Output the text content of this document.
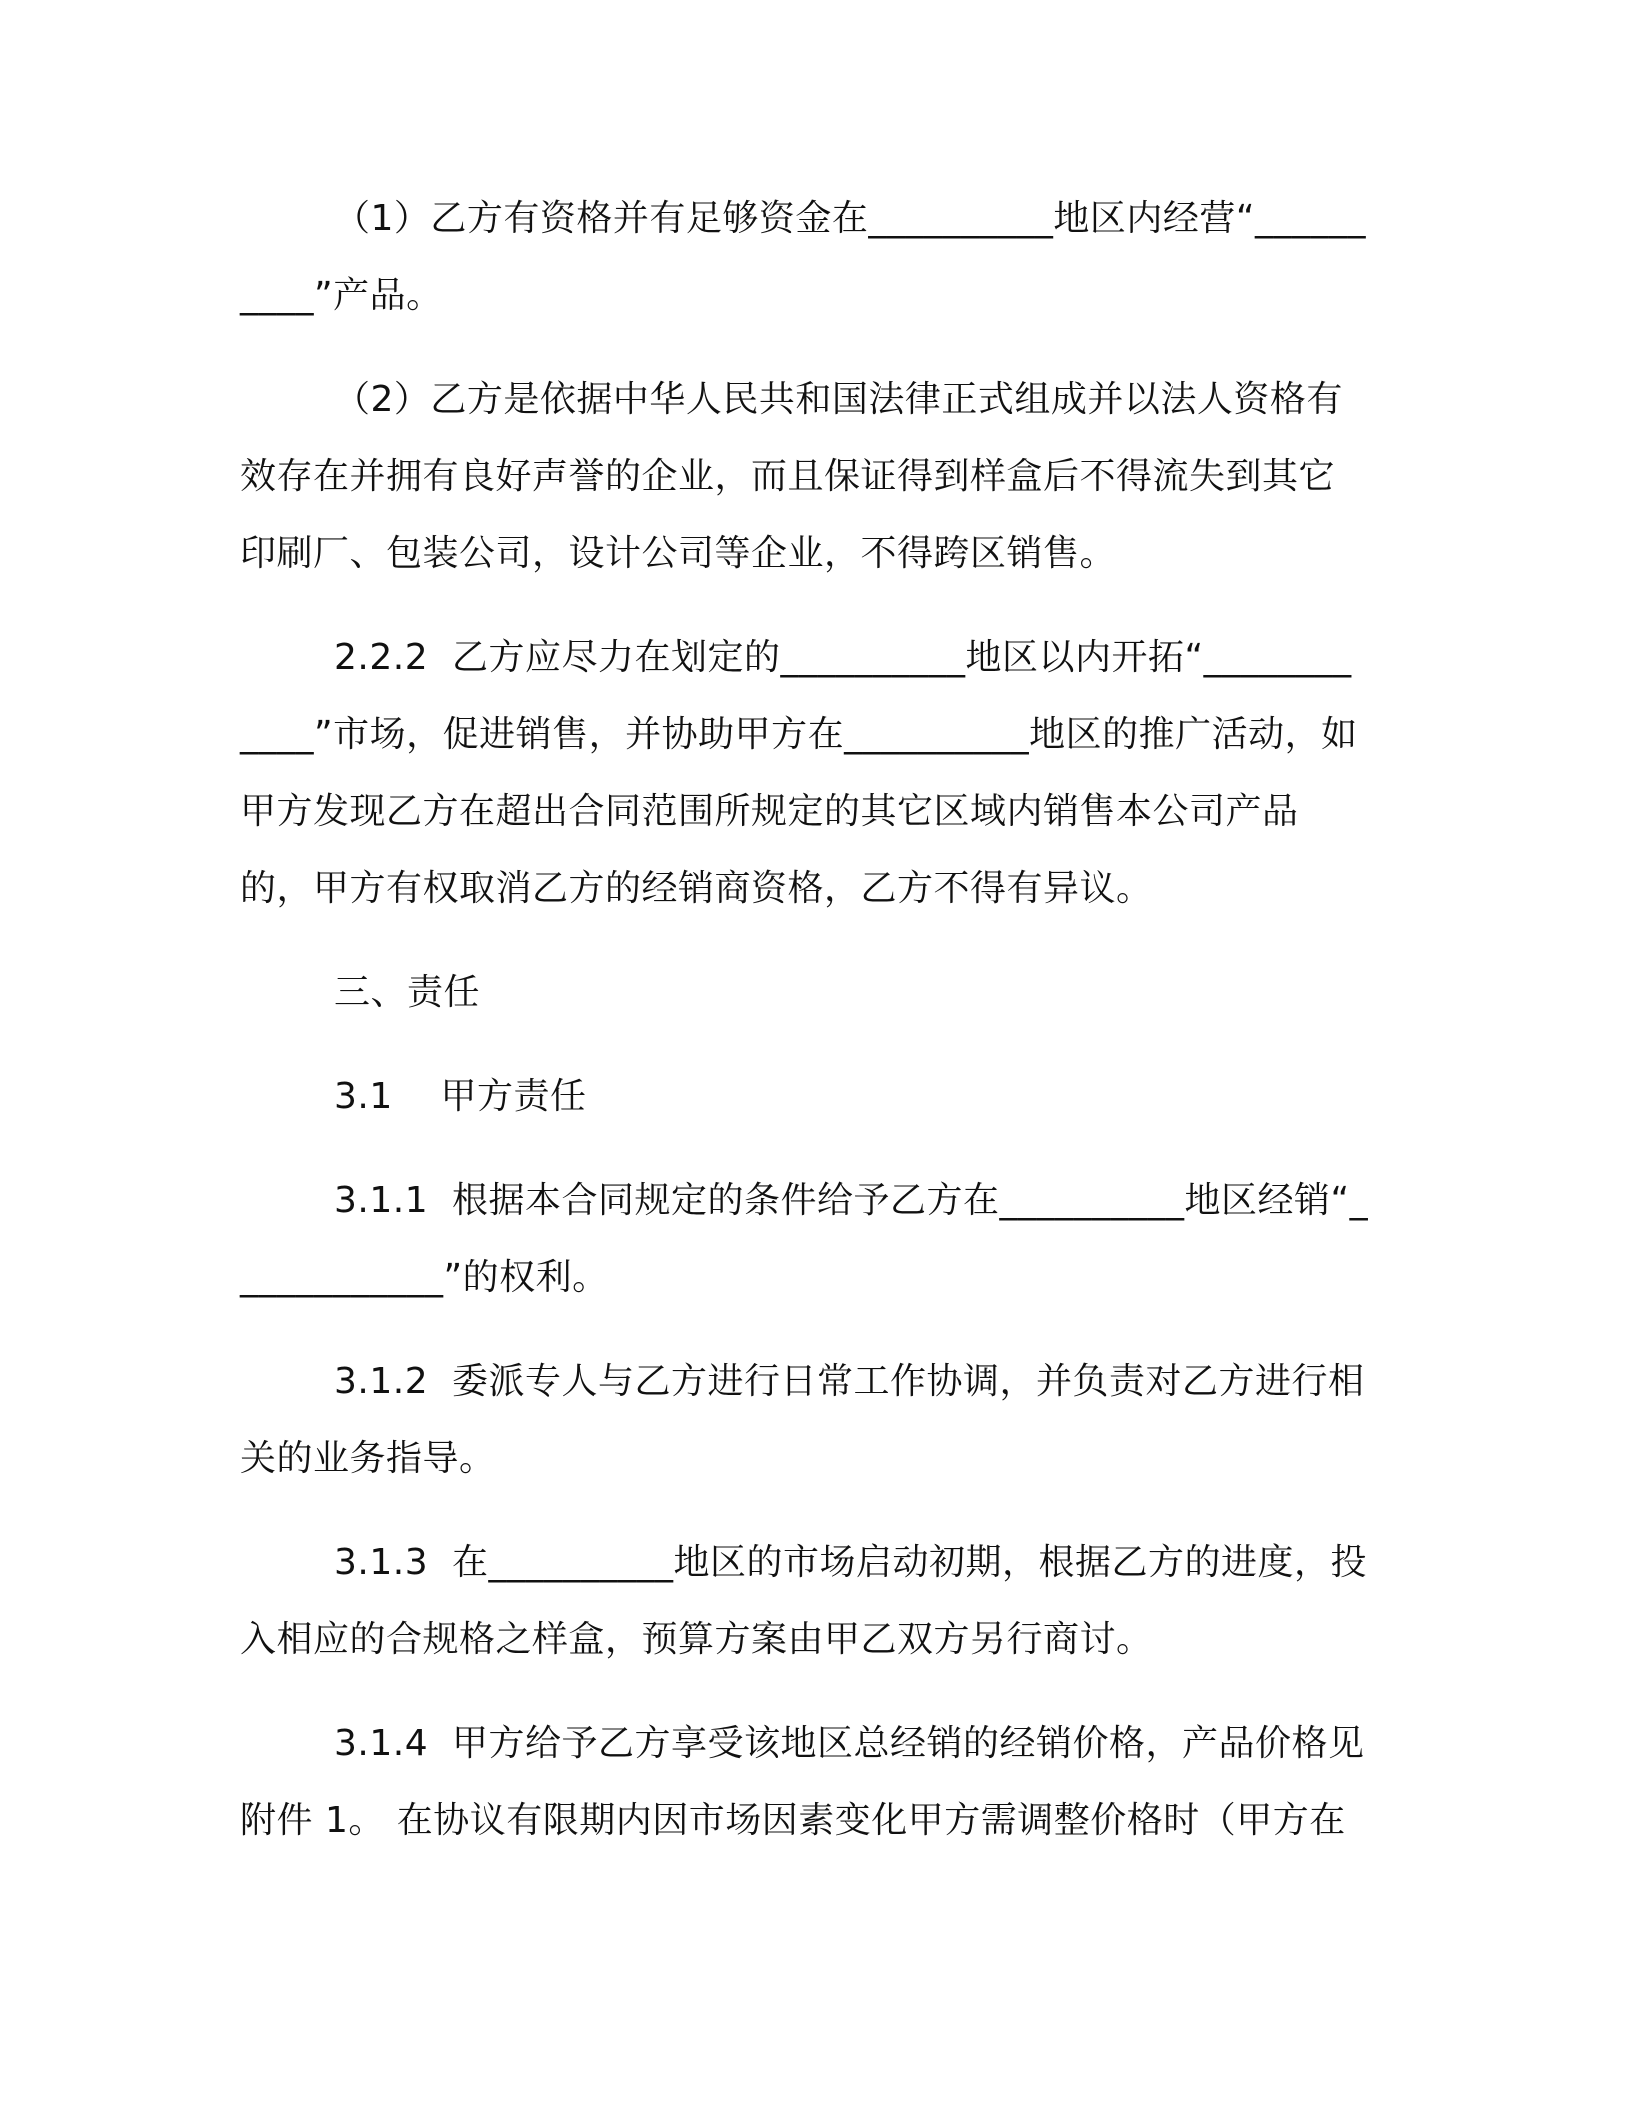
（1）乙方有资格并有足够资金在__________地区内经营“__________”产品。

（2）乙方是依据中华人民共和国法律正式组成并以法人资格有效存在并拥有良好声誉的企业，而且保证得到样盒后不得流失到其它印刷厂、包装公司，设计公司等企业，不得跨区销售。

2.2.2  乙方应尽力在划定的__________地区以内开拓“____________”市场，促进销售，并协助甲方在__________地区的推广活动，如甲方发现乙方在超出合同范围所规定的其它区域内销售本公司产品的，甲方有权取消乙方的经销商资格，乙方不得有异议。

三、责任

3.1    甲方责任

3.1.1  根据本合同规定的条件给予乙方在__________地区经销“____________”的权利。

3.1.2  委派专人与乙方进行日常工作协调，并负责对乙方进行相关的业务指导。

3.1.3  在__________地区的市场启动初期，根据乙方的进度，投入相应的合规格之样盒，预算方案由甲乙双方另行商讨。

3.1.4  甲方给予乙方享受该地区总经销的经销价格，产品价格见附件 1。 在协议有限期内因市场因素变化甲方需调整价格时（甲方在
